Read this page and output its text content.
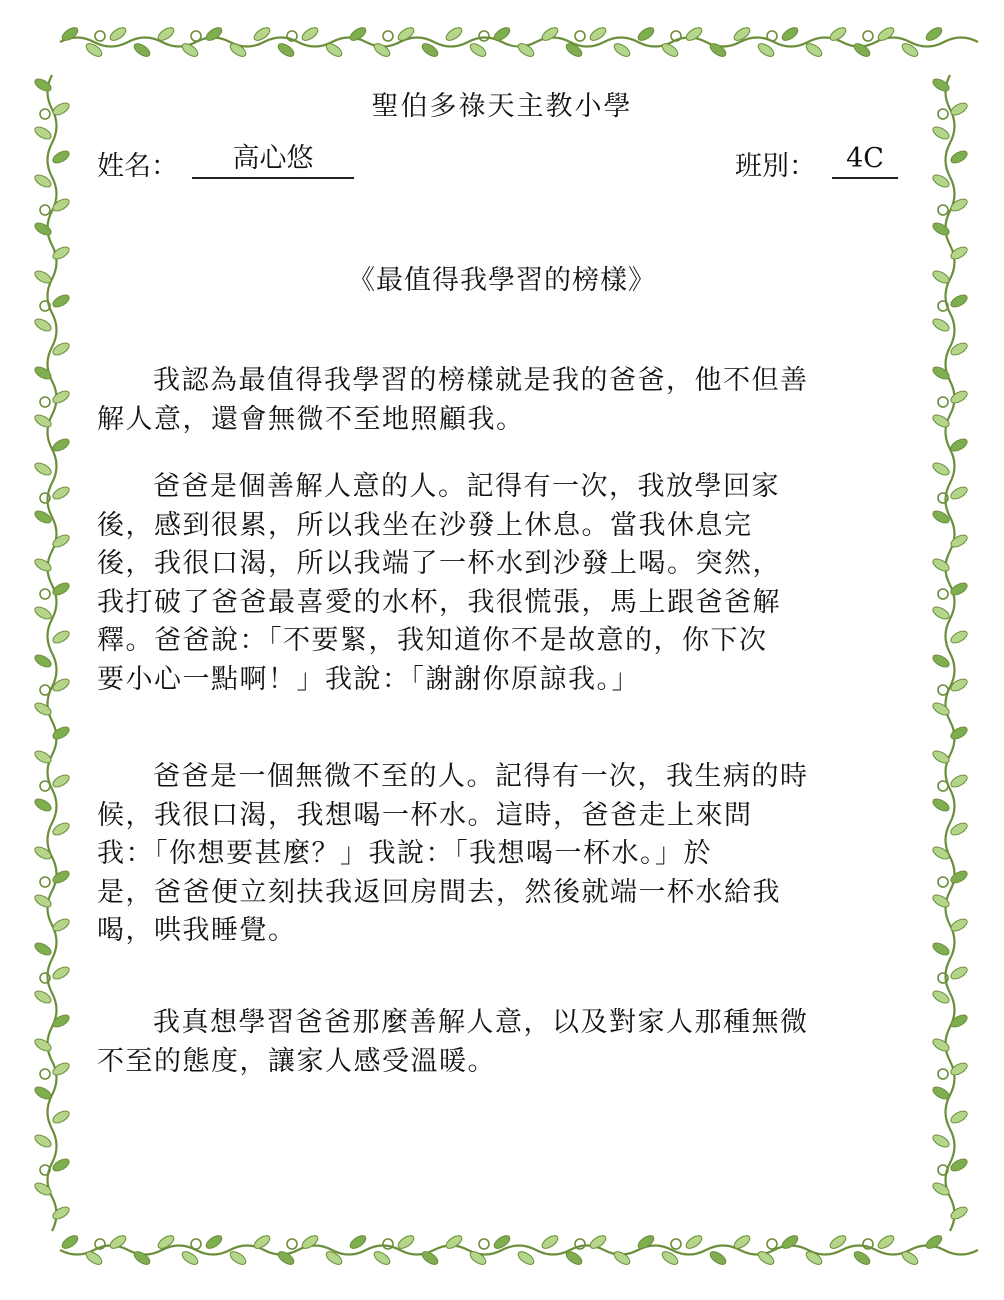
聖伯多祿天主教小學
姓名：	高心悠	班別：	4C
《最值得我學習的榜樣》
我認為最值得我學習的榜樣就是我的爸爸，他不但善
解人意，還會無微不至地照顧我。
爸爸是個善解人意的人。記得有一次，我放學回家
後，感到很累，所以我坐在沙發上休息。當我休息完
後，我很口渴，所以我端了一杯水到沙發上喝。突然，
我打破了爸爸最喜愛的水杯，我很慌張，馬上跟爸爸解
釋。爸爸說：「不要緊，我知道你不是故意的，你下次
要小心一點啊！」我說：「謝謝你原諒我。」
爸爸是一個無微不至的人。記得有一次，我生病的時
候，我很口渴，我想喝一杯水。這時，爸爸走上來問
我：「你想要甚麼？」我說：「我想喝一杯水。」於
是，爸爸便立刻扶我返回房間去，然後就端一杯水給我
喝，哄我睡覺。
我真想學習爸爸那麼善解人意，以及對家人那種無微
不至的態度，讓家人感受溫暖。
